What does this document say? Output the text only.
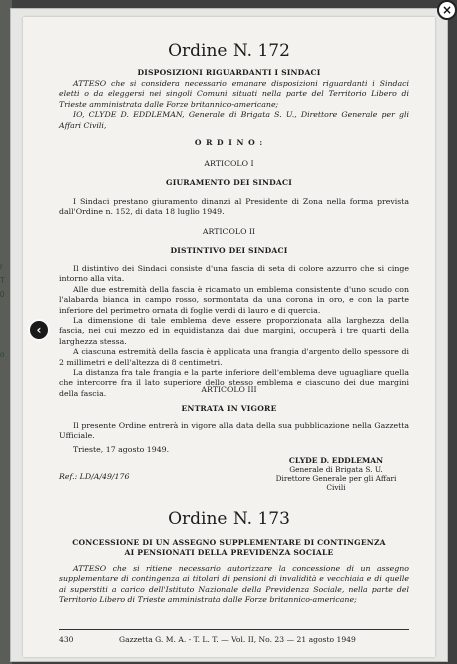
r
T
0
o
Ordine N. 172
DISPOSIZIONI RIGUARDANTI I SINDACI

ATTESO che si considera necessario emanare disposizioni riguardanti i Sindaci eletti o da eleggersi nei singoli Comuni situati nella parte del Territorio Libero di Trieste amministrata dalle Forze britannico-americane;

IO, CLYDE D. EDDLEMAN, Generale di Brigata S. U., Direttore Generale per gli Affari Civili,

O R D I N O :
ARTICOLO I
GIURAMENTO DEI SINDACI

I Sindaci prestano giuramento dinanzi al Presidente di Zona nella forma prevista dall'Ordine n. 152, di data 18 luglio 1949.

ARTICOLO II
DISTINTIVO DEI SINDACI

Il distintivo dei Sindaci consiste d'una fascia di seta di colore azzurro che si cinge intorno alla vita.

Alle due estremità della fascia è ricamato un emblema consistente d'uno scudo con l'alabarda bianca in campo rosso, sormontata da una corona in oro, e con la parte inferiore del perimetro ornata di foglie verdi di lauro e di quercia.

La dimensione di tale emblema deve essere proporzionata alla larghezza della fascia, nei cui mezzo ed in equidistanza dai due margini, occuperà i tre quarti della larghezza stessa.

A ciascuna estremità della fascia è applicata una frangia d'argento dello spessore di 2 millimetri e dell'altezza di 8 centimetri.

La distanza fra tale frangia e la parte inferiore dell'emblema deve uguagliare quella che intercorre fra il lato superiore dello stesso emblema e ciascuno dei due margini della fascia.	ARTICOLO III
ENTRATA IN VIGORE

Il presente Ordine entrerà in vigore alla data della sua pubblicazione nella Gazzetta Ufficiale.

Trieste, 17 agosto 1949.
CLYDE D. EDDLEMAN
Generale di Brigata S. U.
Direttore Generale per gli Affari Civili
Ref.: LD/A/49/176
Ordine N. 173
CONCESSIONE DI UN ASSEGNO SUPPLEMENTARE DI CONTINGENZA
AI PENSIONATI DELLA PREVIDENZA SOCIALE

ATTESO che si ritiene necessario autorizzare la concessione di un assegno supplementare di contingenza ai titolari di pensioni di invalidità e vecchiaia e di quelle ai superstiti a carico dell'Istituto Nazionale della Previdenza Sociale, nella parte del Territorio Libero di Trieste amministrata dalle Forze britannico-americane;

430	Gazzetta G. M. A. - T. L. T. — Vol. II, No. 23 — 21 agosto 1949
×
‹
